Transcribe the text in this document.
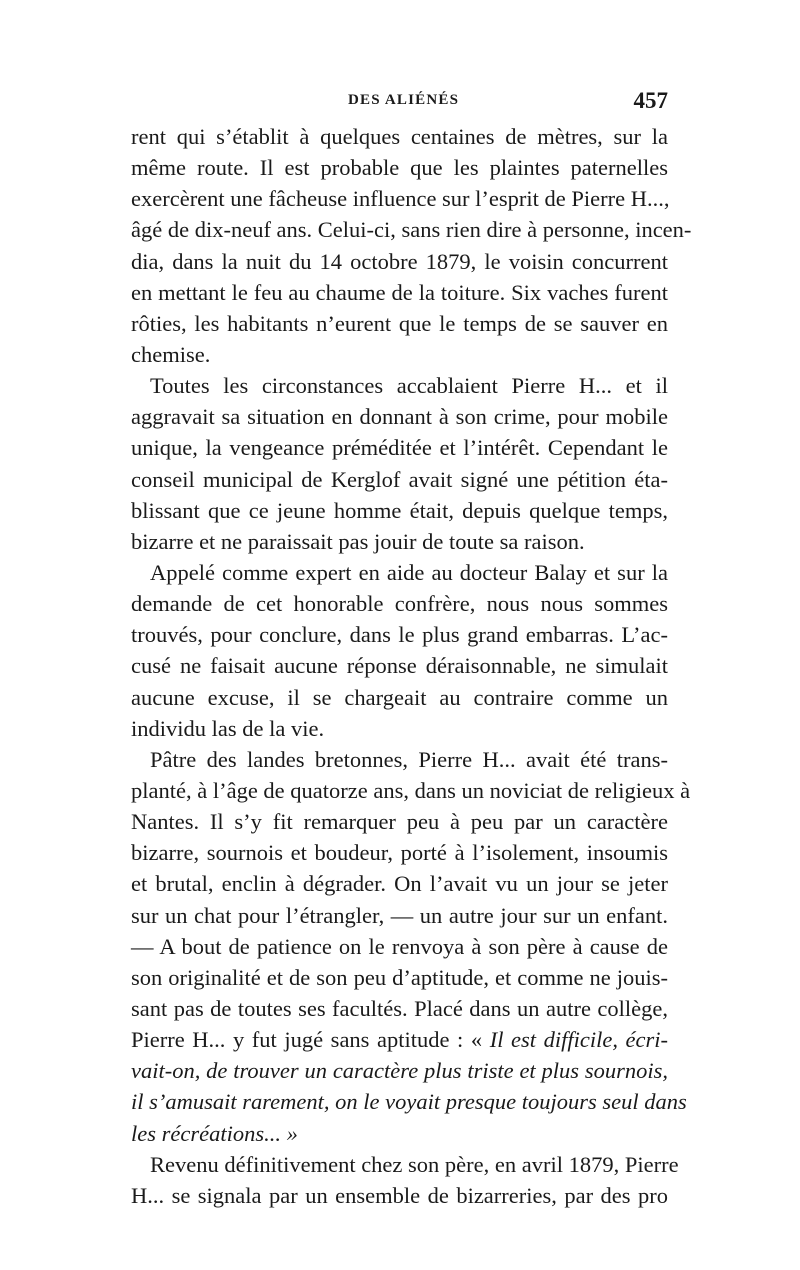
DES ALIÉNÉS	457
rent qui s’établit à quelques centaines de mètres, sur la
même route. Il est probable que les plaintes paternelles
exercèrent une fâcheuse influence sur l’esprit de Pierre H...,
âgé de dix-neuf ans. Celui-ci, sans rien dire à personne, incen-
dia, dans la nuit du 14 octobre 1879, le voisin concurrent
en mettant le feu au chaume de la toiture. Six vaches furent
rôties, les habitants n’eurent que le temps de se sauver en
chemise.
Toutes les circonstances accablaient Pierre H... et il
aggravait sa situation en donnant à son crime, pour mobile
unique, la vengeance préméditée et l’intérêt. Cependant le
conseil municipal de Kerglof avait signé une pétition éta-
blissant que ce jeune homme était, depuis quelque temps,
bizarre et ne paraissait pas jouir de toute sa raison.
Appelé comme expert en aide au docteur Balay et sur la
demande de cet honorable confrère, nous nous sommes
trouvés, pour conclure, dans le plus grand embarras. L’ac-
cusé ne faisait aucune réponse déraisonnable, ne simulait
aucune excuse, il se chargeait au contraire comme un
individu las de la vie.
Pâtre des landes bretonnes, Pierre H... avait été trans-
planté, à l’âge de quatorze ans, dans un noviciat de religieux à
Nantes. Il s’y fit remarquer peu à peu par un caractère
bizarre, sournois et boudeur, porté à l’isolement, insoumis
et brutal, enclin à dégrader. On l’avait vu un jour se jeter
sur un chat pour l’étrangler, — un autre jour sur un enfant.
— A bout de patience on le renvoya à son père à cause de
son originalité et de son peu d’aptitude, et comme ne jouis-
sant pas de toutes ses facultés. Placé dans un autre collège,
Pierre H... y fut jugé sans aptitude : « Il est difficile, écri-
vait-on, de trouver un caractère plus triste et plus sournois,
il s’amusait rarement, on le voyait presque toujours seul dans
les récréations... »
Revenu définitivement chez son père, en avril 1879, Pierre
H... se signala par un ensemble de bizarreries, par des pro
